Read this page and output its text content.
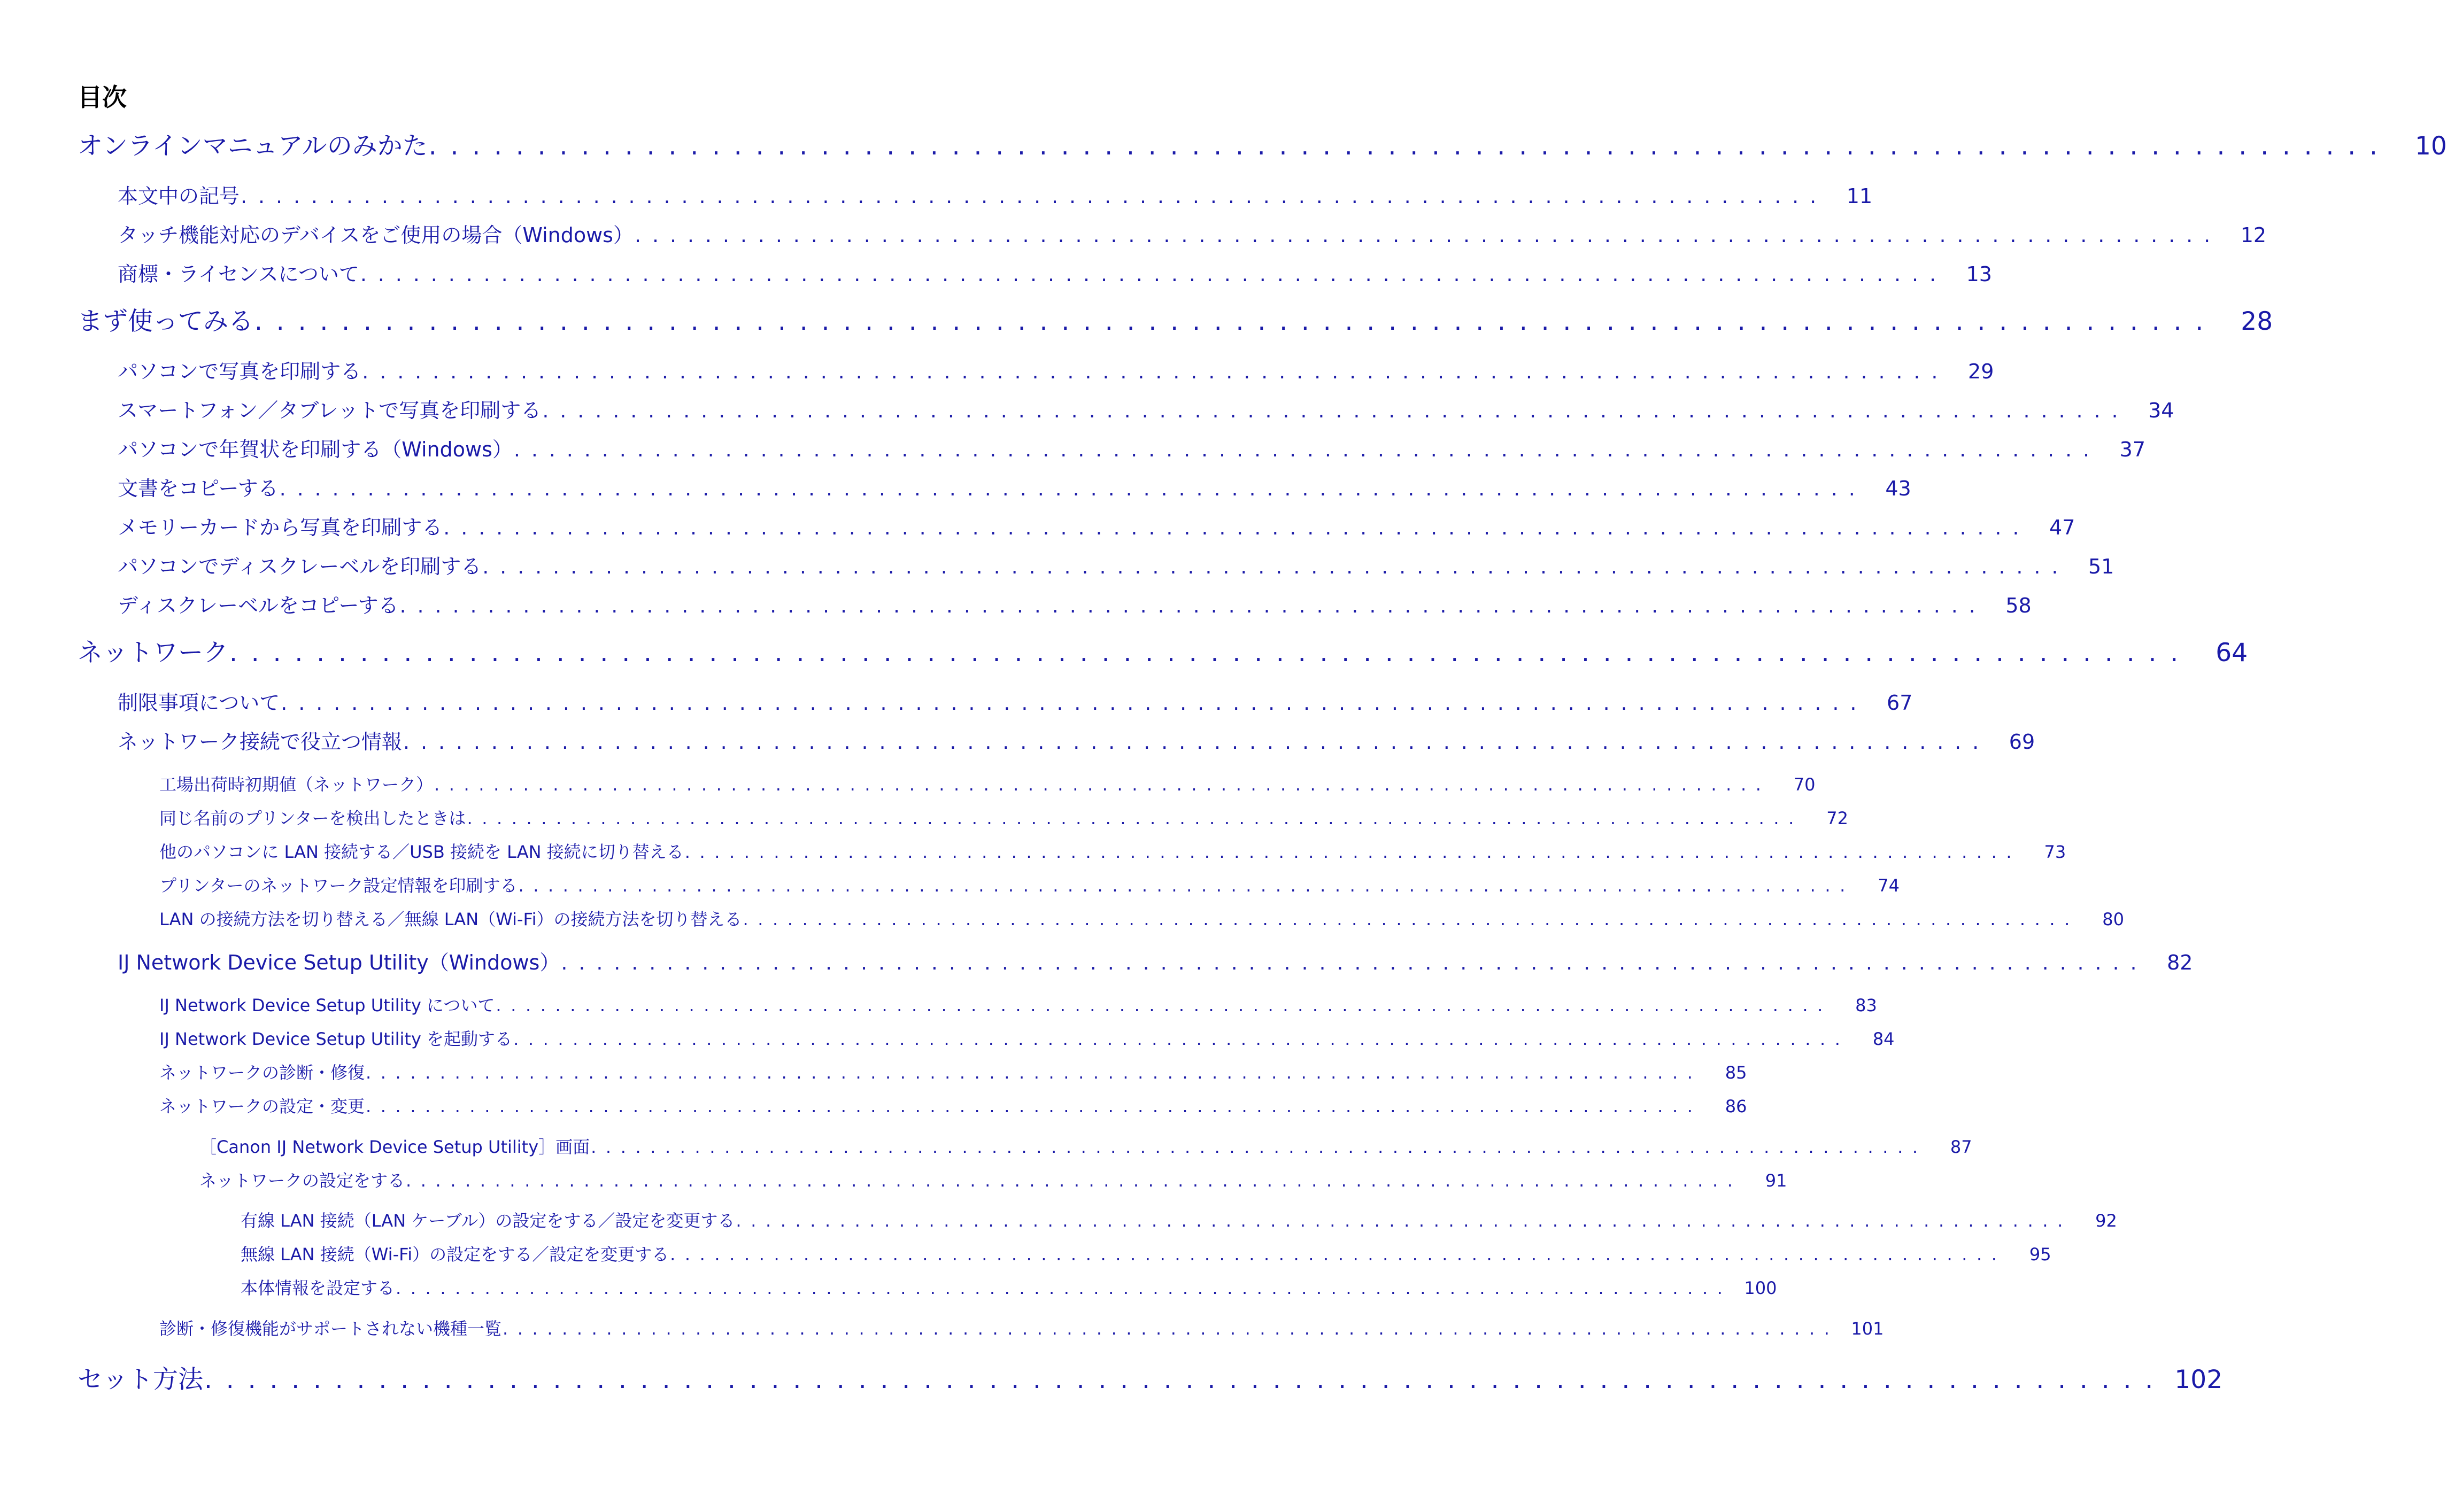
目次
オンラインマニュアルのみかた .......................................................................................... 10
本文中の記号 .......................................................................................... 11
タッチ機能対応のデバイスをご使用の場合（Windows） .......................................................................................... 12
商標・ライセンスについて .......................................................................................... 13
まず使ってみる .......................................................................................... 28
パソコンで写真を印刷する .......................................................................................... 29
スマートフォン／タブレットで写真を印刷する .......................................................................................... 34
パソコンで年賀状を印刷する（Windows） .......................................................................................... 37
文書をコピーする .......................................................................................... 43
メモリーカードから写真を印刷する .......................................................................................... 47
パソコンでディスクレーベルを印刷する .......................................................................................... 51
ディスクレーベルをコピーする .......................................................................................... 58
ネットワーク .......................................................................................... 64
制限事項について .......................................................................................... 67
ネットワーク接続で役立つ情報 .......................................................................................... 69
工場出荷時初期値（ネットワーク） ..........................................................................................	70
同じ名前のプリンターを検出したときは ..........................................................................................	72
他のパソコンに LAN 接続する／USB 接続を LAN 接続に切り替える ..........................................................................................	73
プリンターのネットワーク設定情報を印刷する ..........................................................................................	74
LAN の接続方法を切り替える／無線 LAN（Wi-Fi）の接続方法を切り替える ..........................................................................................	80
IJ Network Device Setup Utility（Windows） .......................................................................................... 82
IJ Network Device Setup Utility について ..........................................................................................	83
IJ Network Device Setup Utility を起動する ..........................................................................................	84
ネットワークの診断・修復 ..........................................................................................	85
ネットワークの設定・変更 ..........................................................................................	86
［Canon IJ Network Device Setup Utility］画面 ..........................................................................................	87
ネットワークの設定をする ..........................................................................................	91
有線 LAN 接続（LAN ケーブル）の設定をする／設定を変更する ..........................................................................................	92
無線 LAN 接続（Wi-Fi）の設定をする／設定を変更する ..........................................................................................	95
本体情報を設定する .......................................................................................... 100
診断・修復機能がサポートされない機種一覧 .......................................................................................... 101
セット方法 .......................................................................................... 102
